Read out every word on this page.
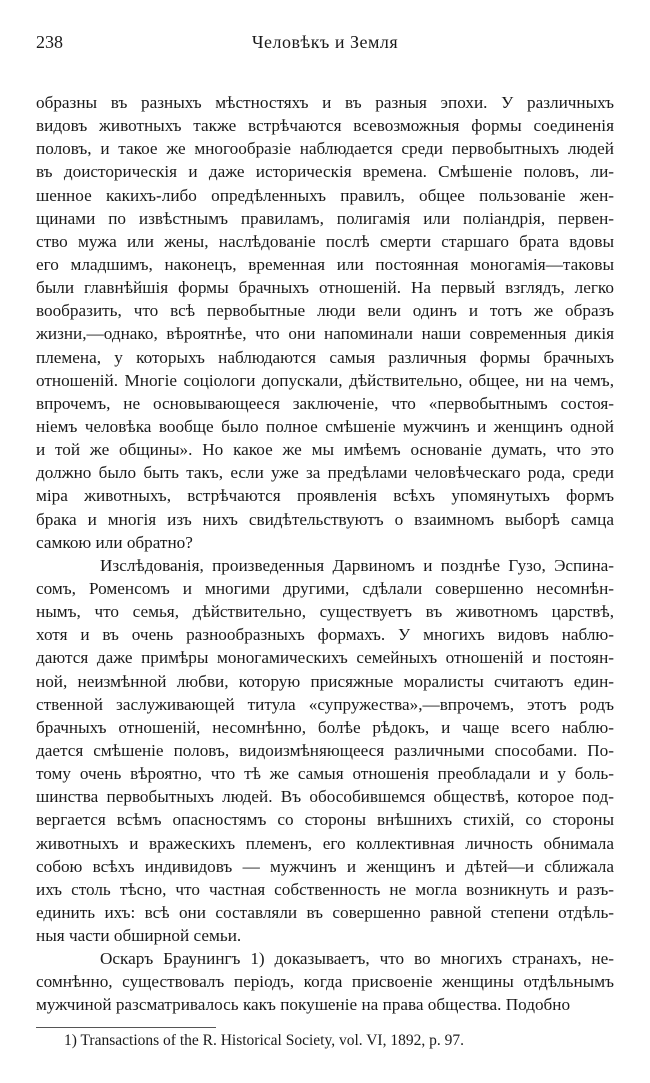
238	Человѣкъ и Земля
образны въ разныхъ мѣстностяхъ и въ разныя эпохи. У различныхъ
видовъ животныхъ также встрѣчаются всевозможныя формы соединенія
половъ, и такое же многообразіе наблюдается среди первобытныхъ людей
въ доисторическія и даже историческія времена. Смѣшеніе половъ, ли-
шенное какихъ-либо опредѣленныхъ правилъ, общее пользованіе жен-
щинами по извѣстнымъ правиламъ, полигамія или поліандрія, первен-
ство мужа или жены, наслѣдованіе послѣ смерти старшаго брата вдовы
его младшимъ, наконецъ, временная или постоянная моногамія—таковы
были главнѣйшія формы брачныхъ отношеній. На первый взглядъ, легко
вообразить, что всѣ первобытные люди вели одинъ и тотъ же образъ
жизни,—однако, вѣроятнѣе, что они напоминали наши современныя дикія
племена, у которыхъ наблюдаются самыя различныя формы брачныхъ
отношеній. Многіе соціологи допускали, дѣйствительно, общее, ни на чемъ,
впрочемъ, не основывающееся заключеніе, что «первобытнымъ состоя-
ніемъ человѣка вообще было полное смѣшеніе мужчинъ и женщинъ одной
и той же общины». Но какое же мы имѣемъ основаніе думать, что это
должно было быть такъ, если уже за предѣлами человѣческаго рода, среди
міра животныхъ, встрѣчаются проявленія всѣхъ упомянутыхъ формъ
брака и многія изъ нихъ свидѣтельствуютъ о взаимномъ выборѣ самца
самкою или обратно?
Изслѣдованія, произведенныя Дарвиномъ и позднѣе Гузо, Эспина-
сомъ, Роменсомъ и многими другими, сдѣлали совершенно несомнѣн-
нымъ, что семья, дѣйствительно, существуетъ въ животномъ царствѣ,
хотя и въ очень разнообразныхъ формахъ. У многихъ видовъ наблю-
даются даже примѣры моногамическихъ семейныхъ отношеній и постоян-
ной, неизмѣнной любви, которую присяжные моралисты считаютъ един-
ственной заслуживающей титула «супружества»,—впрочемъ, этотъ родъ
брачныхъ отношеній, несомнѣнно, болѣе рѣдокъ, и чаще всего наблю-
дается смѣшеніе половъ, видоизмѣняющееся различными способами. По-
тому очень вѣроятно, что тѣ же самыя отношенія преобладали и у боль-
шинства первобытныхъ людей. Въ обособившемся обществѣ, которое под-
вергается всѣмъ опасностямъ со стороны внѣшнихъ стихій, со стороны
животныхъ и вражескихъ племенъ, его коллективная личность обнимала
собою всѣхъ индивидовъ — мужчинъ и женщинъ и дѣтей—и сближала
ихъ столь тѣсно, что частная собственность не могла возникнуть и разъ-
единить ихъ: всѣ они составляли въ совершенно равной степени отдѣль-
ныя части обширной семьи.
Оскаръ Браунингъ 1) доказываетъ, что во многихъ странахъ, не-
сомнѣнно, существовалъ періодъ, когда присвоеніе женщины отдѣльнымъ
мужчиной разсматривалось какъ покушеніе на права общества. Подобно
1) Transactions of the R. Historical Society, vol. VI, 1892, p. 97.
